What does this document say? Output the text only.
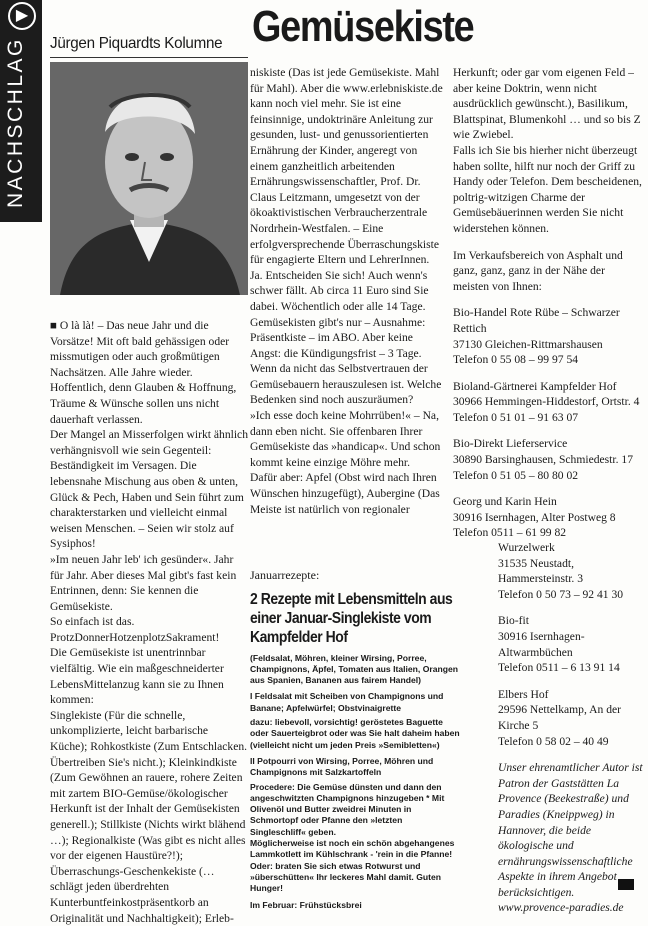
▶
NACHSCHLAG Jürgen Piquardts Kolumne Gemüsekiste

■ O là là! – Das neue Jahr und die Vorsätze! Mit oft bald gehässigen oder missmutigen oder auch großmütigen Nachsätzen. Alle Jahre wieder. Hoffentlich, denn Glauben & Hoffnung, Träume & Wünsche sollen uns nicht dauerhaft verlassen.

Der Mangel an Misserfolgen wirkt ähnlich verhängnisvoll wie sein Gegenteil: Beständigkeit im Versagen. Die lebensnahe Mischung aus oben & unten, Glück & Pech, Haben und Sein führt zum charakterstarken und vielleicht einmal weisen Menschen. – Seien wir stolz auf Sysiphos!

»Im neuen Jahr leb' ich gesünder«. Jahr für Jahr. Aber dieses Mal gibt's fast kein Entrinnen, denn: Sie kennen die Gemüsekiste.

So einfach ist das. ProtzDonnerHotzenplotzSakrament!

Die Gemüsekiste ist unentrinnbar vielfältig. Wie ein maßgeschneiderter LebensMittelanzug kann sie zu Ihnen kommen:

Singlekiste (Für die schnelle, unkomplizierte, leicht barbarische Küche); Rohkostkiste (Zum Entschlacken. Übertreiben Sie's nicht.); Kleinkindkiste (Zum Gewöhnen an rauere, rohere Zeiten mit zartem BIO-Gemüse/ökologischer Herkunft ist der Inhalt der Gemüsekisten generell.); Stillkiste (Nichts wirkt blähend …); Regionalkiste (Was gibt es nicht alles vor der eigenen Haustüre?!); Überraschungs-Geschenkekiste (… schlägt jeden überdrehten Kunterbuntfeinkostpräsentkorb an Originalität und Nachhaltigkeit); Erleb-

niskiste (Das ist jede Gemüsekiste. Mahl für Mahl). Aber die www.erlebniskiste.de kann noch viel mehr. Sie ist eine feinsinnige, undoktrinäre Anleitung zur gesunden, lust- und genussorientierten Ernährung der Kinder, angeregt von einem ganzheitlich arbeitenden Ernährungswissenschaftler, Prof. Dr. Claus Leitzmann, umgesetzt von der ökoaktivistischen Verbraucherzentrale Nordrhein-Westfalen. – Eine erfolgversprechende Überraschungskiste für engagierte Eltern und LehrerInnen.

Ja. Entscheiden Sie sich! Auch wenn's schwer fällt. Ab circa 11 Euro sind Sie dabei. Wöchentlich oder alle 14 Tage.

Gemüsekisten gibt's nur – Ausnahme: Präsentkiste – im ABO. Aber keine Angst: die Kündigungsfrist – 3 Tage. Wenn da nicht das Selbstvertrauen der Gemüsebauern herauszulesen ist. Welche Bedenken sind noch auszuräumen?

»Ich esse doch keine Mohrrüben!« – Na, dann eben nicht. Sie offenbaren Ihrer Gemüsekiste das »handicap«. Und schon kommt keine einzige Möhre mehr.

Dafür aber: Apfel (Obst wird nach Ihren Wünschen hinzugefügt), Aubergine (Das Meiste ist natürlich von regionaler

Herkunft; oder gar vom eigenen Feld – aber keine Doktrin, wenn nicht ausdrücklich gewünscht.), Basilikum, Blattspinat, Blumenkohl … und so bis Z wie Zwiebel.

Falls ich Sie bis hierher nicht überzeugt haben sollte, hilft nur noch der Griff zu Handy oder Telefon. Dem bescheidenen, poltrig-witzigen Charme der Gemüsebäuerinnen werden Sie nicht widerstehen können.

Im Verkaufsbereich von Asphalt und ganz, ganz, ganz in der Nähe der meisten von Ihnen:

Bio-Handel Rote Rübe – Schwarzer Rettich

37130 Gleichen-Rittmarshausen

Telefon 0 55 08 – 99 97 54

Bioland-Gärtnerei Kampfelder Hof

30966 Hemmingen-Hiddestorf, Ortstr. 4

Telefon 0 51 01 – 91 63 07

Bio-Direkt Lieferservice

30890 Barsinghausen, Schmiedestr. 17

Telefon 0 51 05 – 80 80 02

Georg und Karin Hein

30916 Isernhagen, Alter Postweg 8

Telefon 0511 – 61 99 82

Januarrezepte:

2 Rezepte mit Lebensmitteln aus einer Januar-Singlekiste vom Kampfelder Hof

(Feldsalat, Möhren, kleiner Wirsing, Porree, Champignons, Äpfel, Tomaten aus Italien, Orangen aus Spanien, Bananen aus fairem Handel)

I Feldsalat mit Scheiben von Champignons und Banane; Apfelwürfel; Obstvinaigrette

dazu: liebevoll, vorsichtig! geröstetes Baguette oder Sauerteigbrot oder was Sie halt daheim haben (vielleicht nicht um jeden Preis »Semibletten«)

II Potpourri von Wirsing, Porree, Möhren und Champignons mit Salzkartoffeln

Procedere: Die Gemüse dünsten und dann den angeschwitzten Champignons hinzugeben * Mit Olivenöl und Butter zweidrei Minuten in Schmortopf oder Pfanne den »letzten Singleschliff« geben.

Möglicherweise ist noch ein schön abgehangenes Lammkotlett im Kühlschrank - 'rein in die Pfanne! Oder: braten Sie sich etwas Rotwurst und »überschütten« Ihr leckeres Mahl damit. Guten Hunger!

Im Februar: Frühstücksbrei

Wurzelwerk

31535 Neustadt, Hammersteinstr. 3

Telefon 0 50 73 – 92 41 30

Bio-fit

30916 Isernhagen-Altwarmbüchen

Telefon 0511 – 6 13 91 14

Elbers Hof

29596 Nettelkamp, An der Kirche 5

Telefon 0 58 02 – 40 49

Unser ehrenamtlicher Autor ist Patron der Gaststätten La Provence (Beekestraße) und Paradies (Kneippweg) in Hannover, die beide ökologische und ernährungswissenschaftliche Aspekte in ihrem Angebot berücksichtigen.

www.provence-paradies.de
